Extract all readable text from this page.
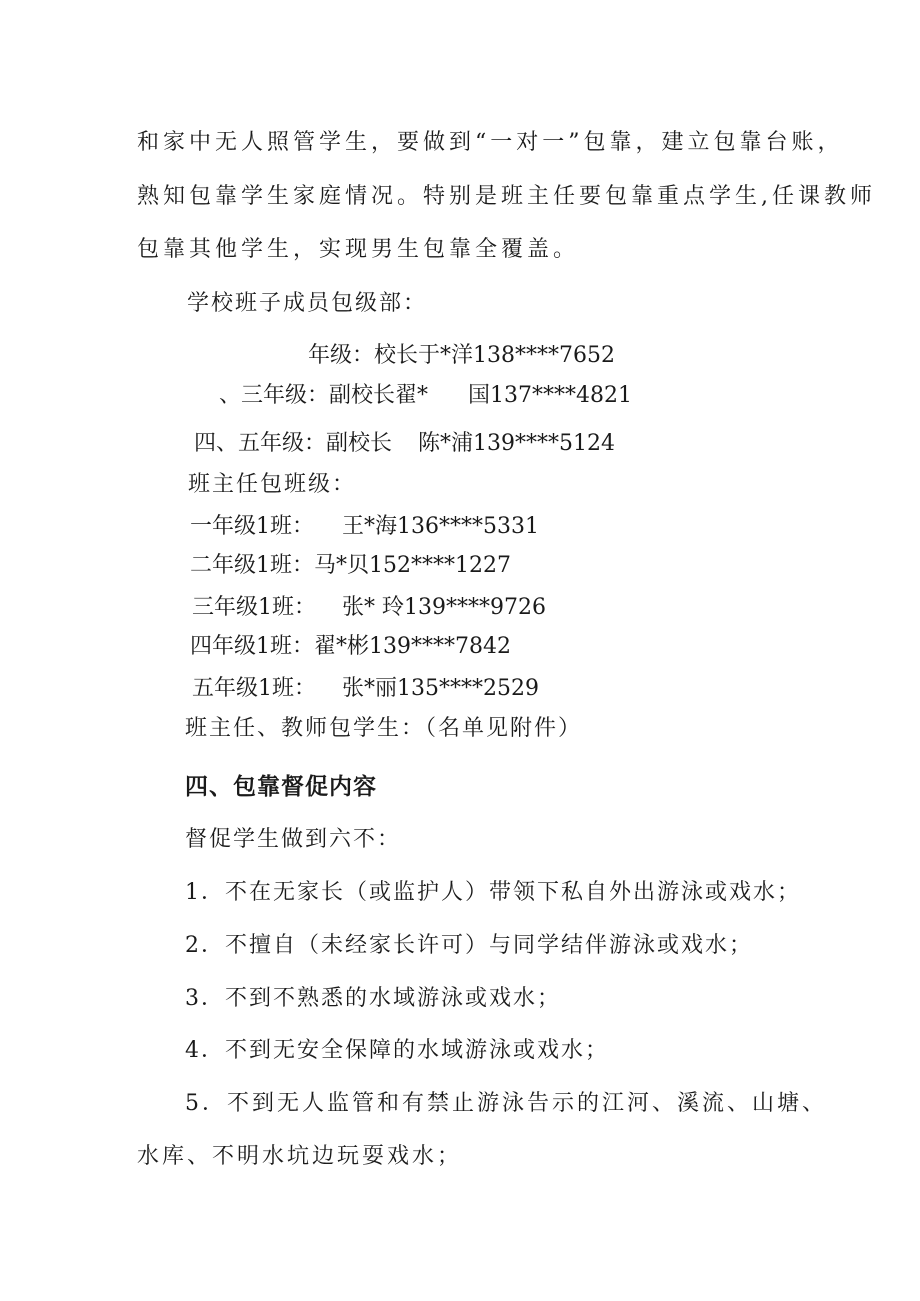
和家中无人照管学生，要做到“一对一”包靠，建立包靠台账，
熟知包靠学生家庭情况。特别是班主任要包靠重点学生,任课教师
包靠其他学生，实现男生包靠全覆盖。
学校班子成员包级部：
年级：校长于*洋138****7652
、三年级：副校长翟* 国137****4821
四、五年级：副校长 陈*浦139****5124
班主任包班级：
一年级1班： 王*海136****5331
二年级1班：马*贝152****1227
三年级1班： 张* 玲139****9726
四年级1班：翟*彬139****7842
五年级1班： 张*丽135****2529
班主任、教师包学生：（名单见附件）
四、包靠督促内容
督促学生做到六不：
1．不在无家长（或监护人）带领下私自外出游泳或戏水；
2．不擅自（未经家长许可）与同学结伴游泳或戏水；
3．不到不熟悉的水域游泳或戏水；
4．不到无安全保障的水域游泳或戏水；
5．不到无人监管和有禁止游泳告示的江河、溪流、山塘、
水库、不明水坑边玩耍戏水；
